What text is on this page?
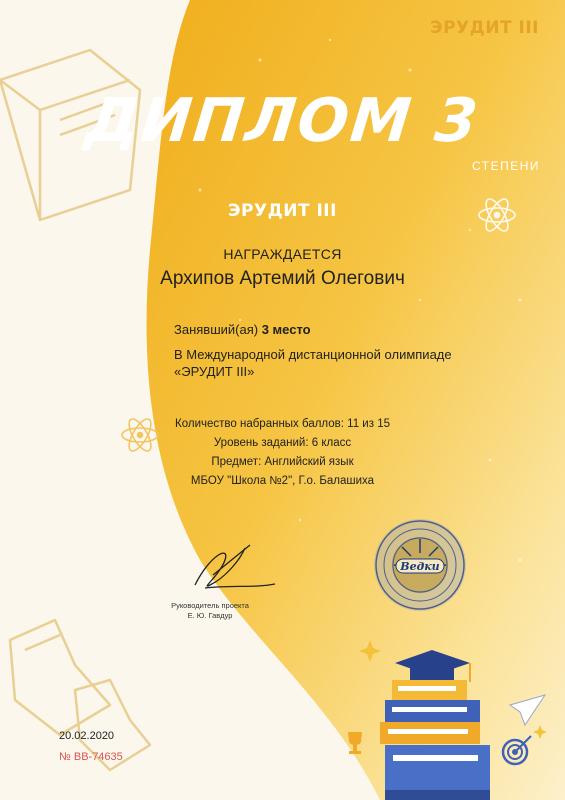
ЭРУДИТ III
ДИПЛОМ 3
СТЕПЕНИ
ЭРУДИТ III
НАГРАЖДАЕТСЯ
Архипов Артемий Олегович
Занявший(ая) 3 место
В Международной дистанционной олимпиаде
«ЭРУДИТ III»
Количество набранных баллов: 11 из 15
Уровень заданий: 6 класс
Предмет: Английский язык
МБОУ "Школа №2", Г.о. Балашиха
Руководитель проекта
Е. Ю. Гавдур
Ведки
20.02.2020
№ ВВ-74635
